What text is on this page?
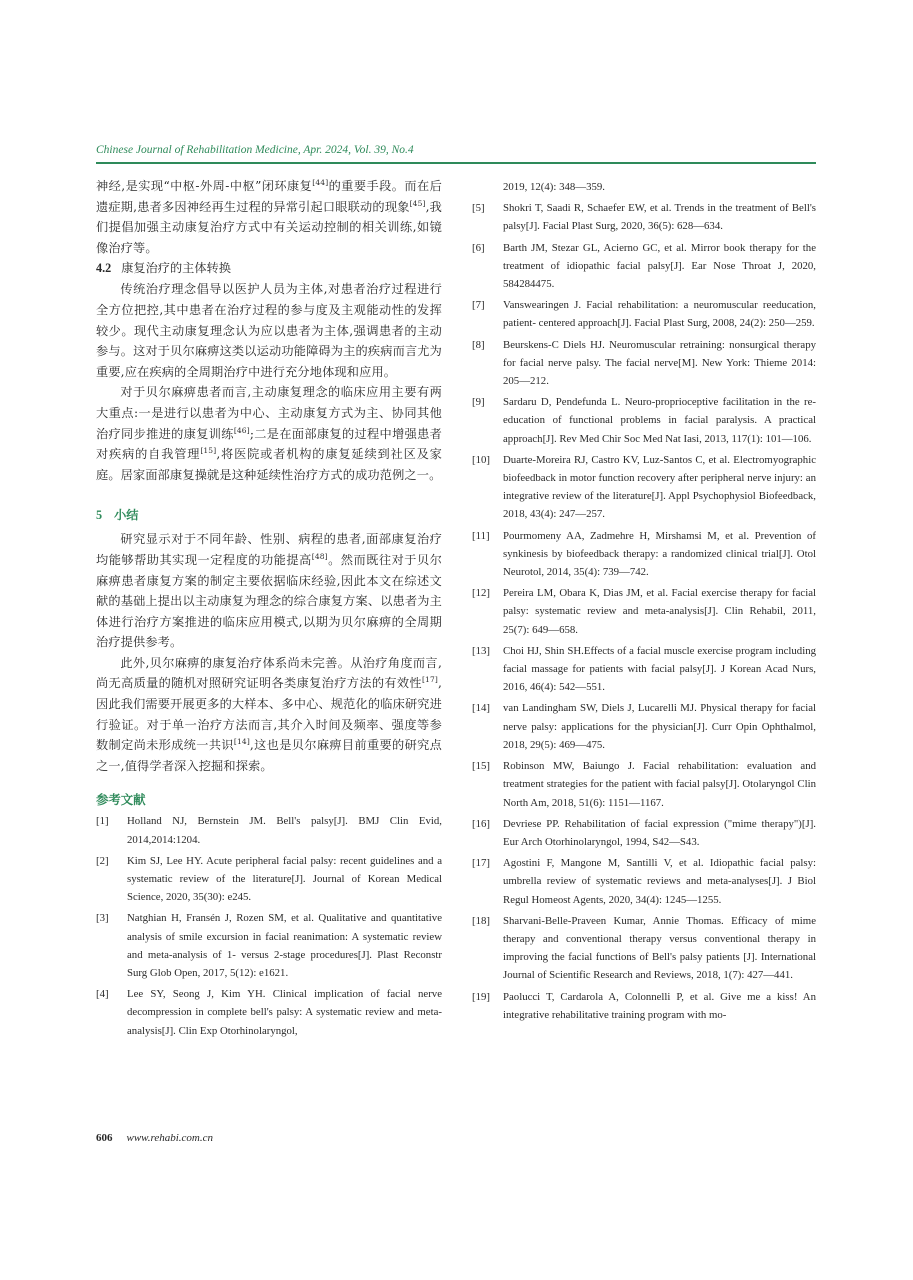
Chinese Journal of Rehabilitation Medicine, Apr. 2024, Vol. 39, No.4

神经,是实现“中枢-外周-中枢”闭环康复[44]的重要手段。而在后遗症期,患者多因神经再生过程的异常引起口眼联动的现象[45],我们提倡加强主动康复治疗方式中有关运动控制的相关训练,如镜像治疗等。

4.2 康复治疗的主体转换

传统治疗理念倡导以医护人员为主体,对患者治疗过程进行全方位把控,其中患者在治疗过程的参与度及主观能动性的发挥较少。现代主动康复理念认为应以患者为主体,强调患者的主动参与。这对于贝尔麻痹这类以运动功能障碍为主的疾病而言尤为重要,应在疾病的全周期治疗中进行充分地体现和应用。

对于贝尔麻痹患者而言,主动康复理念的临床应用主要有两大重点:一是进行以患者为中心、主动康复方式为主、协同其他治疗同步推进的康复训练[46];二是在面部康复的过程中增强患者对疾病的自我管理[15],将医院或者机构的康复延续到社区及家庭。居家面部康复操就是这种延续性治疗方式的成功范例之一。

5 小结

研究显示对于不同年龄、性别、病程的患者,面部康复治疗均能够帮助其实现一定程度的功能提高[48]。然而既往对于贝尔麻痹患者康复方案的制定主要依据临床经验,因此本文在综述文献的基础上提出以主动康复为理念的综合康复方案、以患者为主体进行治疗方案推进的临床应用模式,以期为贝尔麻痹的全周期治疗提供参考。

此外,贝尔麻痹的康复治疗体系尚未完善。从治疗角度而言,尚无高质量的随机对照研究证明各类康复治疗方法的有效性[17],因此我们需要开展更多的大样本、多中心、规范化的临床研究进行验证。对于单一治疗方法而言,其介入时间及频率、强度等参数制定尚未形成统一共识[14],这也是贝尔麻痹目前重要的研究点之一,值得学者深入挖掘和探索。

参考文献

[1]	Holland NJ, Bernstein JM. Bell's palsy[J]. BMJ Clin Evid, 2014,2014:1204.
[2]	Kim SJ, Lee HY. Acute peripheral facial palsy: recent guidelines and a systematic review of the literature[J]. Journal of Korean Medical Science, 2020, 35(30): e245.
[3]	Natghian H, Fransén J, Rozen SM, et al. Qualitative and quantitative analysis of smile excursion in facial reanimation: A systematic review and meta-analysis of 1- versus 2-stage procedures[J]. Plast Reconstr Surg Glob Open, 2017, 5(12): e1621.
[4]	Lee SY, Seong J, Kim YH. Clinical implication of facial nerve decompression in complete bell's palsy: A systematic review and meta- analysis[J]. Clin Exp Otorhinolaryngol,
2019, 12(4): 348—359.
[5]	Shokri T, Saadi R, Schaefer EW, et al. Trends in the treatment of Bell's palsy[J]. Facial Plast Surg, 2020, 36(5): 628—634.
[6]	Barth JM, Stezar GL, Acierno GC, et al. Mirror book therapy for the treatment of idiopathic facial palsy[J]. Ear Nose Throat J, 2020, 584284475.
[7]	Vanswearingen J. Facial rehabilitation: a neuromuscular reeducation, patient- centered approach[J]. Facial Plast Surg, 2008, 24(2): 250—259.
[8]	Beurskens-C Diels HJ. Neuromuscular retraining: nonsurgical therapy for facial nerve palsy. The facial nerve[M]. New York: Thieme 2014: 205—212.
[9]	Sardaru D, Pendefunda L. Neuro-proprioceptive facilitation in the re-education of functional problems in facial paralysis. A practical approach[J]. Rev Med Chir Soc Med Nat Iasi, 2013, 117(1): 101—106.
[10]	Duarte-Moreira RJ, Castro KV, Luz-Santos C, et al. Electromyographic biofeedback in motor function recovery after peripheral nerve injury: an integrative review of the literature[J]. Appl Psychophysiol Biofeedback, 2018, 43(4): 247—257.
[11]	Pourmomeny AA, Zadmehre H, Mirshamsi M, et al. Prevention of synkinesis by biofeedback therapy: a randomized clinical trial[J]. Otol Neurotol, 2014, 35(4): 739—742.
[12]	Pereira LM, Obara K, Dias JM, et al. Facial exercise therapy for facial palsy: systematic review and meta-analysis[J]. Clin Rehabil, 2011, 25(7): 649—658.
[13]	Choi HJ, Shin SH.Effects of a facial muscle exercise program including facial massage for patients with facial palsy[J]. J Korean Acad Nurs, 2016, 46(4): 542—551.
[14]	van Landingham SW, Diels J, Lucarelli MJ. Physical therapy for facial nerve palsy: applications for the physician[J]. Curr Opin Ophthalmol, 2018, 29(5): 469—475.
[15]	Robinson MW, Baiungo J. Facial rehabilitation: evaluation and treatment strategies for the patient with facial palsy[J]. Otolaryngol Clin North Am, 2018, 51(6): 1151—1167.
[16]	Devriese PP. Rehabilitation of facial expression ("mime therapy")[J]. Eur Arch Otorhinolaryngol, 1994, S42—S43.
[17]	Agostini F, Mangone M, Santilli V, et al. Idiopathic facial palsy: umbrella review of systematic reviews and meta-analyses[J]. J Biol Regul Homeost Agents, 2020, 34(4): 1245—1255.
[18]	Sharvani-Belle-Praveen Kumar, Annie Thomas. Efficacy of mime therapy and conventional therapy versus conventional therapy in improving the facial functions of Bell's palsy patients [J]. International Journal of Scientific Research and Reviews, 2018, 1(7): 427—441.
[19]	Paolucci T, Cardarola A, Colonnelli P, et al. Give me a kiss! An integrative rehabilitative training program with mo-
606 www.rehabi.com.cn
